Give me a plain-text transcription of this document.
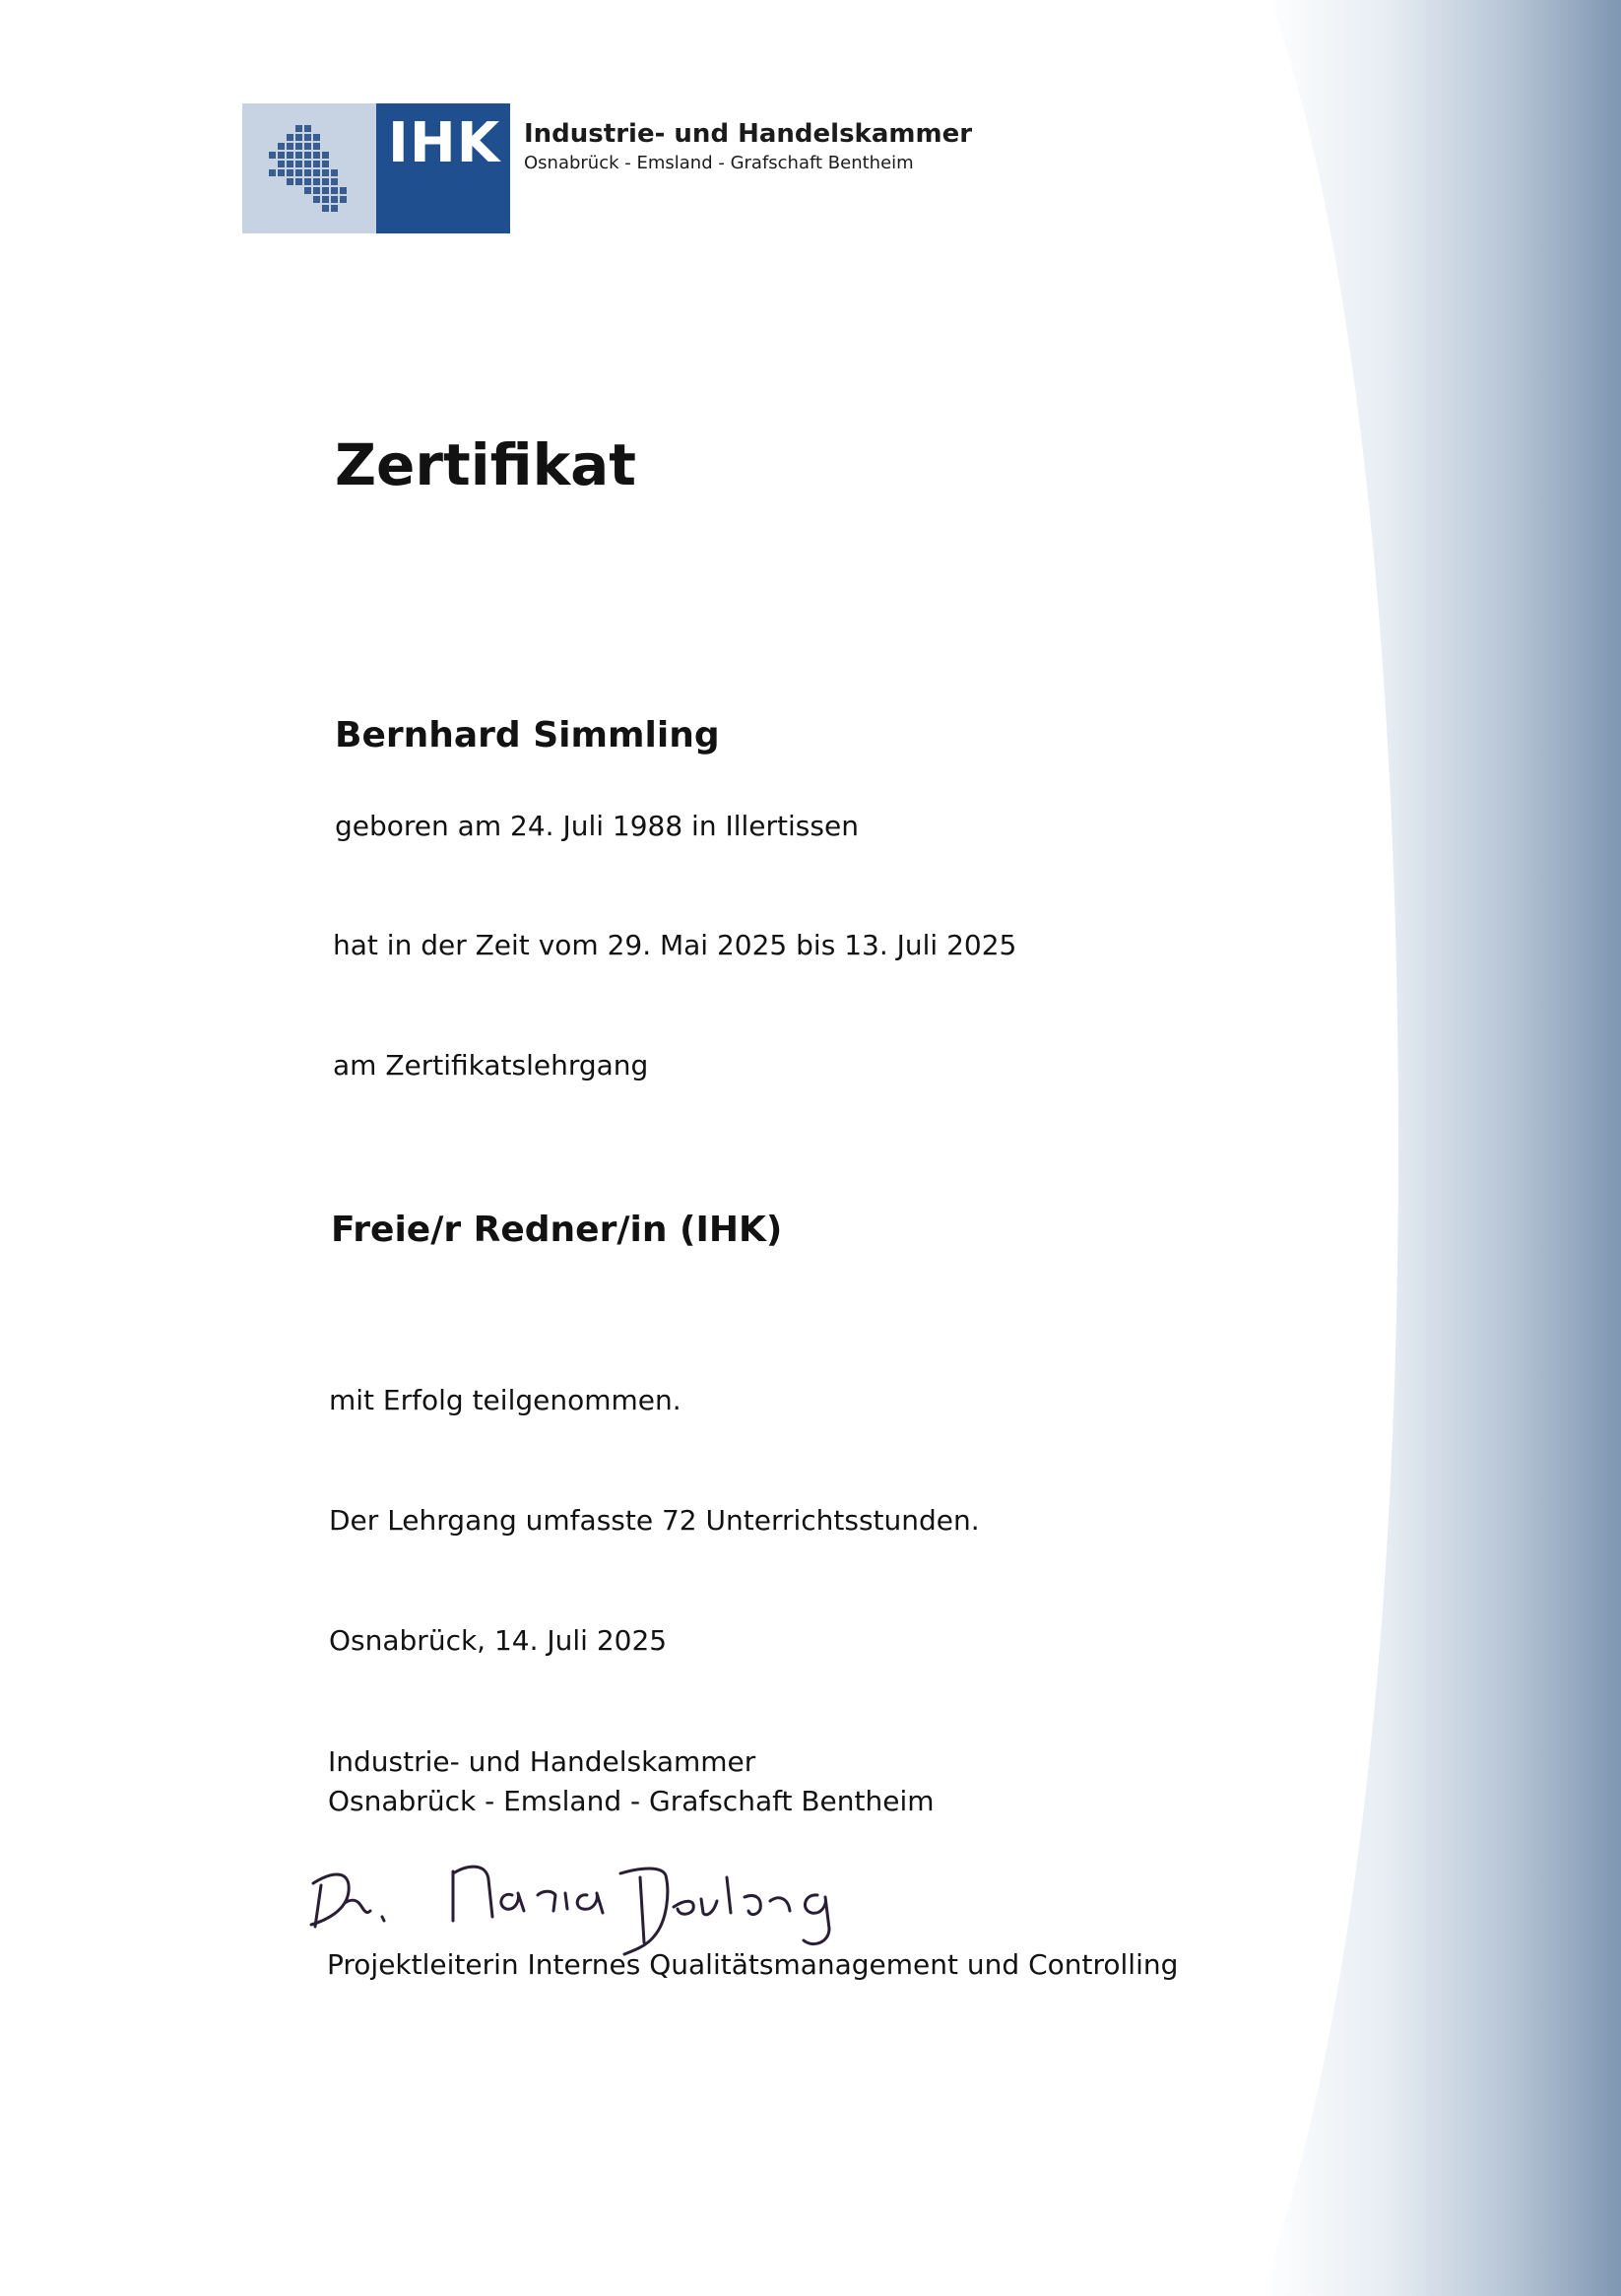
IHK Industrie- und Handelskammer
Osnabrück - Emsland - Grafschaft Bentheim
Zertifikat
Bernhard Simmling
geboren am 24. Juli 1988 in Illertissen
hat in der Zeit vom 29. Mai 2025 bis 13. Juli 2025
am Zertifikatslehrgang
Freie/r Redner/in (IHK)
mit Erfolg teilgenommen.
Der Lehrgang umfasste 72 Unterrichtsstunden.
Osnabrück, 14. Juli 2025
Industrie- und Handelskammer
Osnabrück - Emsland - Grafschaft Bentheim
Projektleiterin Internes Qualitätsmanagement und Controlling
